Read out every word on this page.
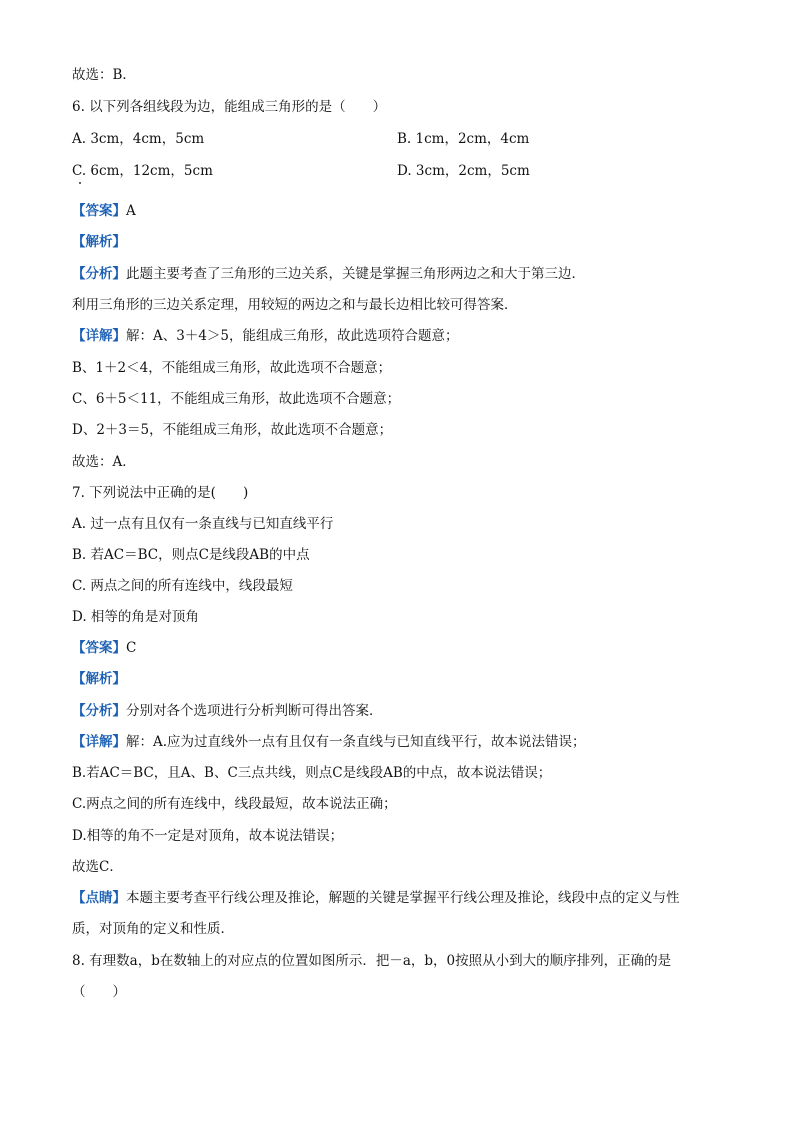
故选：B．
6. 以下列各组线段为边，能组成三角形的是（　　）
A. 3cm，4cm，5cm	B. 1cm，2cm，4cm
C. 6cm，12cm，5cm	D. 3cm，2cm，5cm
【答案】A
【解析】
【分析】此题主要考查了三角形的三边关系，关键是掌握三角形两边之和大于第三边．
利用三角形的三边关系定理，用较短的两边之和与最长边相比较可得答案．
【详解】解：A、3＋4＞5，能组成三角形，故此选项符合题意；
B、1＋2＜4，不能组成三角形，故此选项不合题意；
C、6＋5＜11，不能组成三角形，故此选项不合题意；
D、2＋3＝5，不能组成三角形，故此选项不合题意；
故选：A．
7. 下列说法中正确的是(　　)
A. 过一点有且仅有一条直线与已知直线平行
B. 若AC＝BC，则点C是线段AB的中点
C. 两点之间的所有连线中，线段最短
D. 相等的角是对顶角
【答案】C
【解析】
【分析】分别对各个选项进行分析判断可得出答案．
【详解】解：A.应为过直线外一点有且仅有一条直线与已知直线平行，故本说法错误；
B.若AC＝BC，且A、B、C三点共线，则点C是线段AB的中点，故本说法错误；
C.两点之间的所有连线中，线段最短，故本说法正确；
D.相等的角不一定是对顶角，故本说法错误；
故选C．
【点睛】本题主要考查平行线公理及推论，解题的关键是掌握平行线公理及推论，线段中点的定义与性
质，对顶角的定义和性质．
8. 有理数a，b在数轴上的对应点的位置如图所示．把－a，b，0按照从小到大的顺序排列，正确的是
（　　）
